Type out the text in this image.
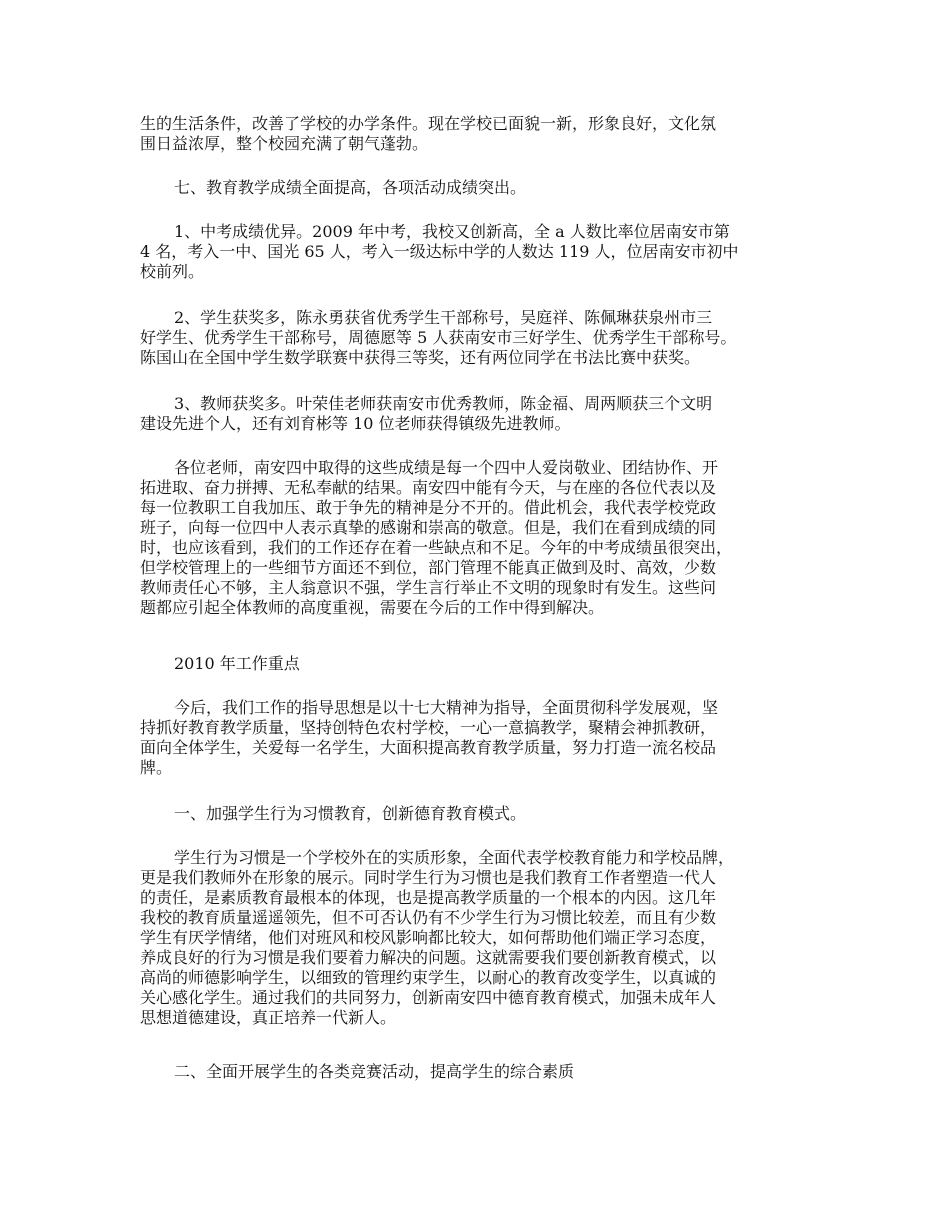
生的生活条件，改善了学校的办学条件。现在学校已面貌一新，形象良好，文化氛
围日益浓厚，整个校园充满了朝气蓬勃。

七、教育教学成绩全面提高，各项活动成绩突出。

1、中考成绩优异。2009 年中考，我校又创新高，全 a 人数比率位居南安市第
4 名，考入一中、国光 65 人，考入一级达标中学的人数达 119 人，位居南安市初中
校前列。

2、学生获奖多，陈永勇获省优秀学生干部称号，吴庭祥、陈佩琳获泉州市三
好学生、优秀学生干部称号，周德愿等 5 人获南安市三好学生、优秀学生干部称号。
陈国山在全国中学生数学联赛中获得三等奖，还有两位同学在书法比赛中获奖。

3、教师获奖多。叶荣佳老师获南安市优秀教师，陈金福、周两顺获三个文明
建设先进个人，还有刘育彬等 10 位老师获得镇级先进教师。

各位老师，南安四中取得的这些成绩是每一个四中人爱岗敬业、团结协作、开
拓进取、奋力拼搏、无私奉献的结果。南安四中能有今天，与在座的各位代表以及
每一位教职工自我加压、敢于争先的精神是分不开的。借此机会，我代表学校党政
班子，向每一位四中人表示真挚的感谢和崇高的敬意。但是，我们在看到成绩的同
时，也应该看到，我们的工作还存在着一些缺点和不足。今年的中考成绩虽很突出，
但学校管理上的一些细节方面还不到位，部门管理不能真正做到及时、高效，少数
教师责任心不够，主人翁意识不强，学生言行举止不文明的现象时有发生。这些问
题都应引起全体教师的高度重视，需要在今后的工作中得到解决。

2010 年工作重点

今后，我们工作的指导思想是以十七大精神为指导，全面贯彻科学发展观，坚
持抓好教育教学质量，坚持创特色农村学校，一心一意搞教学，聚精会神抓教研，
面向全体学生，关爱每一名学生，大面积提高教育教学质量，努力打造一流名校品
牌。

一、加强学生行为习惯教育，创新德育教育模式。

学生行为习惯是一个学校外在的实质形象，全面代表学校教育能力和学校品牌，
更是我们教师外在形象的展示。同时学生行为习惯也是我们教育工作者塑造一代人
的责任，是素质教育最根本的体现，也是提高教学质量的一个根本的内因。这几年
我校的教育质量遥遥领先，但不可否认仍有不少学生行为习惯比较差，而且有少数
学生有厌学情绪，他们对班风和校风影响都比较大，如何帮助他们端正学习态度，
养成良好的行为习惯是我们要着力解决的问题。这就需要我们要创新教育模式，以
高尚的师德影响学生，以细致的管理约束学生，以耐心的教育改变学生，以真诚的
关心感化学生。通过我们的共同努力，创新南安四中德育教育模式，加强未成年人
思想道德建设，真正培养一代新人。

二、全面开展学生的各类竞赛活动，提高学生的综合素质
